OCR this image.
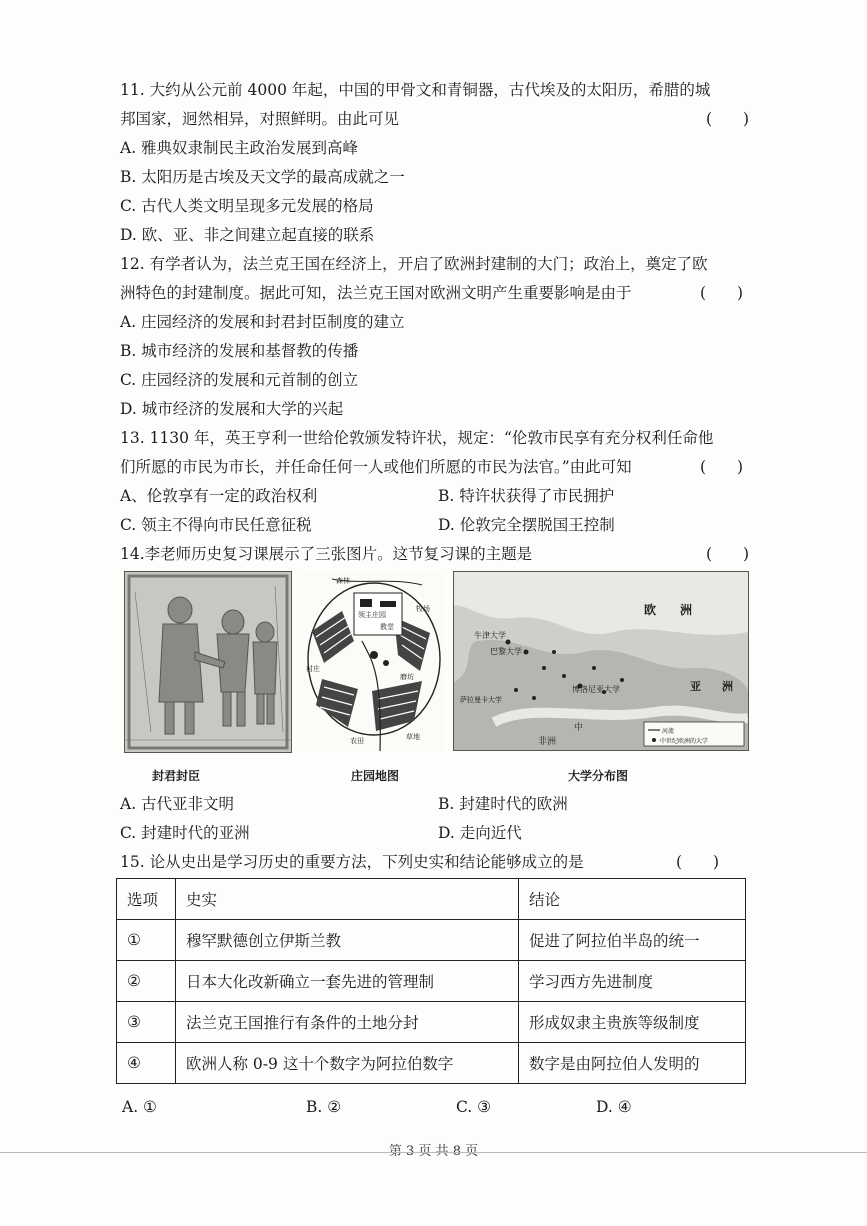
11. 大约从公元前 4000 年起，中国的甲骨文和青铜器，古代埃及的太阳历，希腊的城
邦国家，迥然相异，对照鲜明。由此可见	(　　)
A. 雅典奴隶制民主政治发展到高峰
B. 太阳历是古埃及天文学的最高成就之一
C. 古代人类文明呈现多元发展的格局
D. 欧、亚、非之间建立起直接的联系
12. 有学者认为，法兰克王国在经济上，开启了欧洲封建制的大门；政治上，奠定了欧
洲特色的封建制度。据此可知，法兰克王国对欧洲文明产生重要影响是由于	(　　)
A. 庄园经济的发展和封君封臣制度的建立
B. 城市经济的发展和基督教的传播
C. 庄园经济的发展和元首制的创立
D. 城市经济的发展和大学的兴起
13. 1130 年，英王亨利一世给伦敦颁发特许状，规定：“伦敦市民享有充分权利任命他
们所愿的市民为市长，并任命任何一人或他们所愿的市民为法官。”由此可知	(　　)
A、伦敦享有一定的政治权利	B. 特许状获得了市民拥护
C. 领主不得向市民任意征税	D. 伦敦完全摆脱国王控制
14.李老师历史复习课展示了三张图片。这节复习课的主题是	(　　)
封君封臣
森林
领主庄园
教堂
村庄
磨坊
牧场
农田	草地
庄园地图
欧 洲
牛津大学
巴黎大学
萨拉曼卡大学
博洛尼亚大学	亚 洲
非洲
中	河流
中世纪欧洲的大学
大学分布图
A. 古代亚非文明	B. 封建时代的欧洲
C. 封建时代的亚洲	D. 走向近代
15. 论从史出是学习历史的重要方法，下列史实和结论能够成立的是	(　　)
选项	史实	结论
①	穆罕默德创立伊斯兰教	促进了阿拉伯半岛的统一
②	日本大化改新确立一套先进的管理制	学习西方先进制度
③	法兰克王国推行有条件的土地分封	形成奴隶主贵族等级制度
④	欧洲人称 0-9 这十个数字为阿拉伯数字	数字是由阿拉伯人发明的
A. ①	B. ②	C. ③	D. ④
第 3 页 共 8 页
